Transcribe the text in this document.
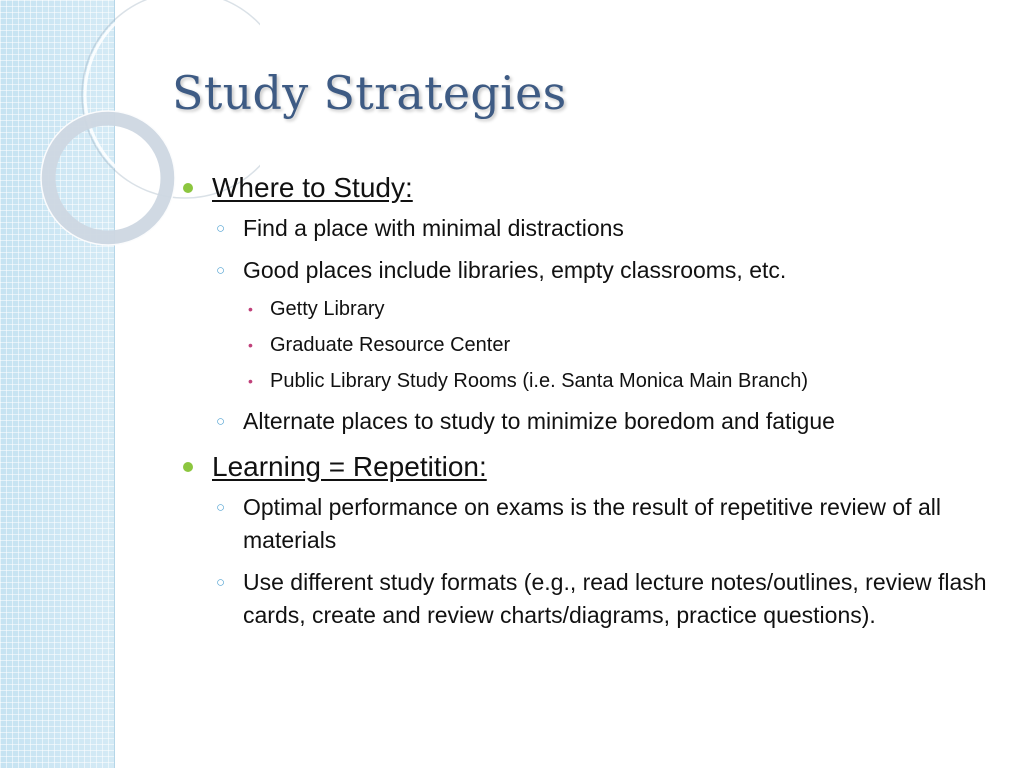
Study Strategies
Where to Study:
○ Find a place with minimal distractions
○ Good places include libraries, empty classrooms, etc.
• Getty Library
• Graduate Resource Center
• Public Library Study Rooms (i.e. Santa Monica Main Branch)
○ Alternate places to study to minimize boredom and fatigue
Learning = Repetition:
○ Optimal performance on exams is the result of repetitive review of all materials
○ Use different study formats (e.g., read lecture notes/outlines, review flash cards, create and review charts/diagrams, practice questions).
